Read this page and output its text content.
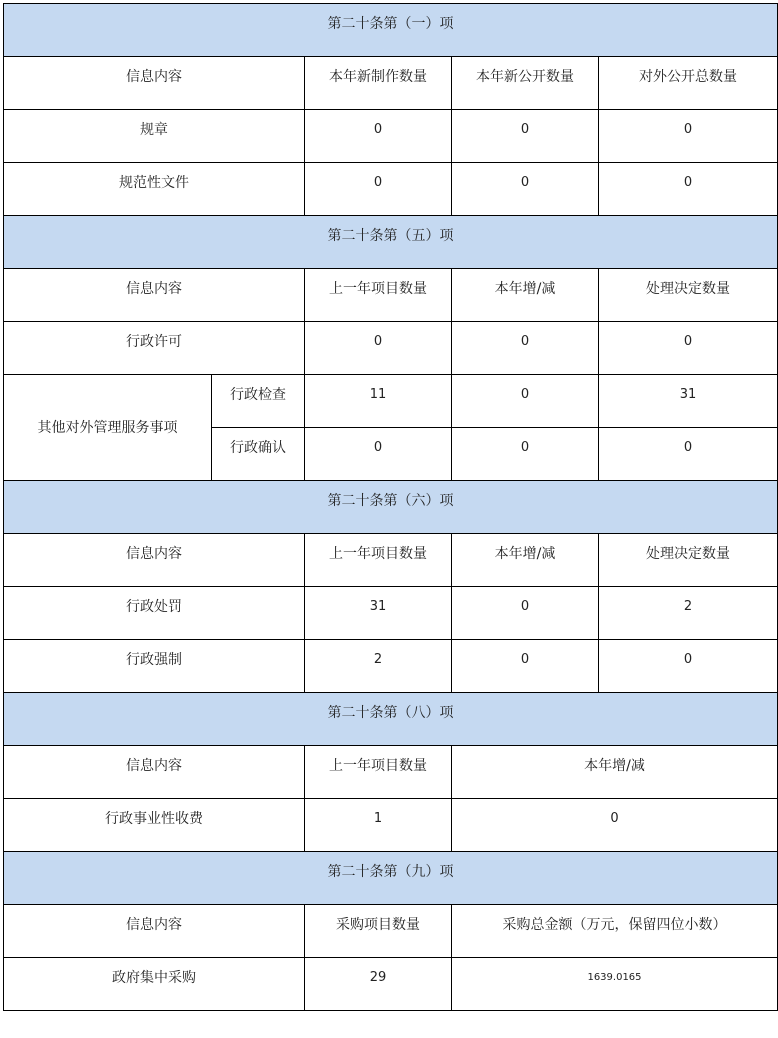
第二十条第（一）项				
信息内容		本年新制作数量	本年新公开数量	对外公开总数量
规章		0	0	0
规范性文件		0	0	0
第二十条第（五）项				
信息内容		上一年项目数量	本年增/减	处理决定数量
行政许可		0	0	0
其他对外管理服务事项	行政检查	11	0	31
	行政确认	0	0	0
第二十条第（六）项				
信息内容		上一年项目数量	本年增/减	处理决定数量
行政处罚		31	0	2
行政强制		2	0	0
第二十条第（八）项				
信息内容		上一年项目数量	本年增/减	
行政事业性收费		1	0	
第二十条第（九）项				
信息内容		采购项目数量	采购总金额（万元，保留四位小数）	
政府集中采购		29	1639.0165	
